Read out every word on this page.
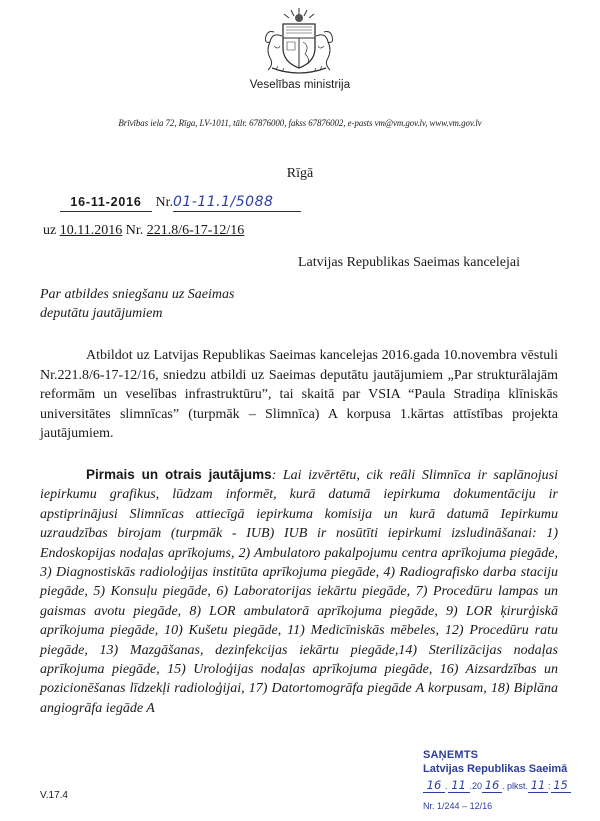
Veselības ministrija
Brīvības iela 72, Rīga, LV-1011, tālr. 67876000, fakss 67876002, e-pasts vm@vm.gov.lv, www.vm.gov.lv
Rīgā
16-11-2016 Nr.01-11.1/5088
uz 10.11.2016 Nr. 221.8/6-17-12/16
Latvijas Republikas Saeimas kancelejai
Par atbildes sniegšanu uz Saeimas deputātu jautājumiem
Atbildot uz Latvijas Republikas Saeimas kancelejas 2016.gada 10.novembra vēstuli Nr.221.8/6-17-12/16, sniedzu atbildi uz Saeimas deputātu jautājumiem „Par strukturālajām reformām un veselības infrastruktūru”, tai skaitā par VSIA “Paula Stradiņa klīniskās universitātes slimnīcas” (turpmāk – Slimnīca) A korpusa 1.kārtas attīstības projekta jautājumiem.
Pirmais un otrais jautājums: Lai izvērtētu, cik reāli Slimnīca ir saplānojusi iepirkumu grafikus, lūdzam informēt, kurā datumā iepirkuma dokumentāciju ir apstiprinājusi Slimnīcas attiecīgā iepirkuma komisija un kurā datumā Iepirkumu uzraudzības birojam (turpmāk - IUB) IUB ir nosūtīti iepirkumi izsludināšanai: 1) Endoskopijas nodaļas aprīkojums, 2) Ambulatoro pakalpojumu centra aprīkojuma piegāde, 3) Diagnostiskās radioloģijas institūta aprīkojuma piegāde, 4) Radiografisko darba staciju piegāde, 5) Konsuļu piegāde, 6) Laboratorijas iekārtu piegāde, 7) Procedūru lampas un gaismas avotu piegāde, 8) LOR ambulatorā aprīkojuma piegāde, 9) LOR ķirurģiskā aprīkojuma piegāde, 10) Kušetu piegāde, 11) Medicīniskās mēbeles, 12) Procedūru ratu piegāde, 13) Mazgāšanas, dezinfekcijas iekārtu piegāde,14) Sterilizācijas nodaļas aprīkojuma piegāde, 15) Uroloģijas nodaļas aprīkojuma piegāde, 16) Aizsardzības un pozicionēšanas līdzekļi radioloģijai, 17) Datortomogrāfa piegāde A korpusam, 18) Biplāna angiogrāfa iegāde A
V.17.4
SAŅEMTS
Latvijas Republikas Saeimā
16 . 11 .20 16 . plkst. 11 : 15
Nr. 1/244 – 12/16
